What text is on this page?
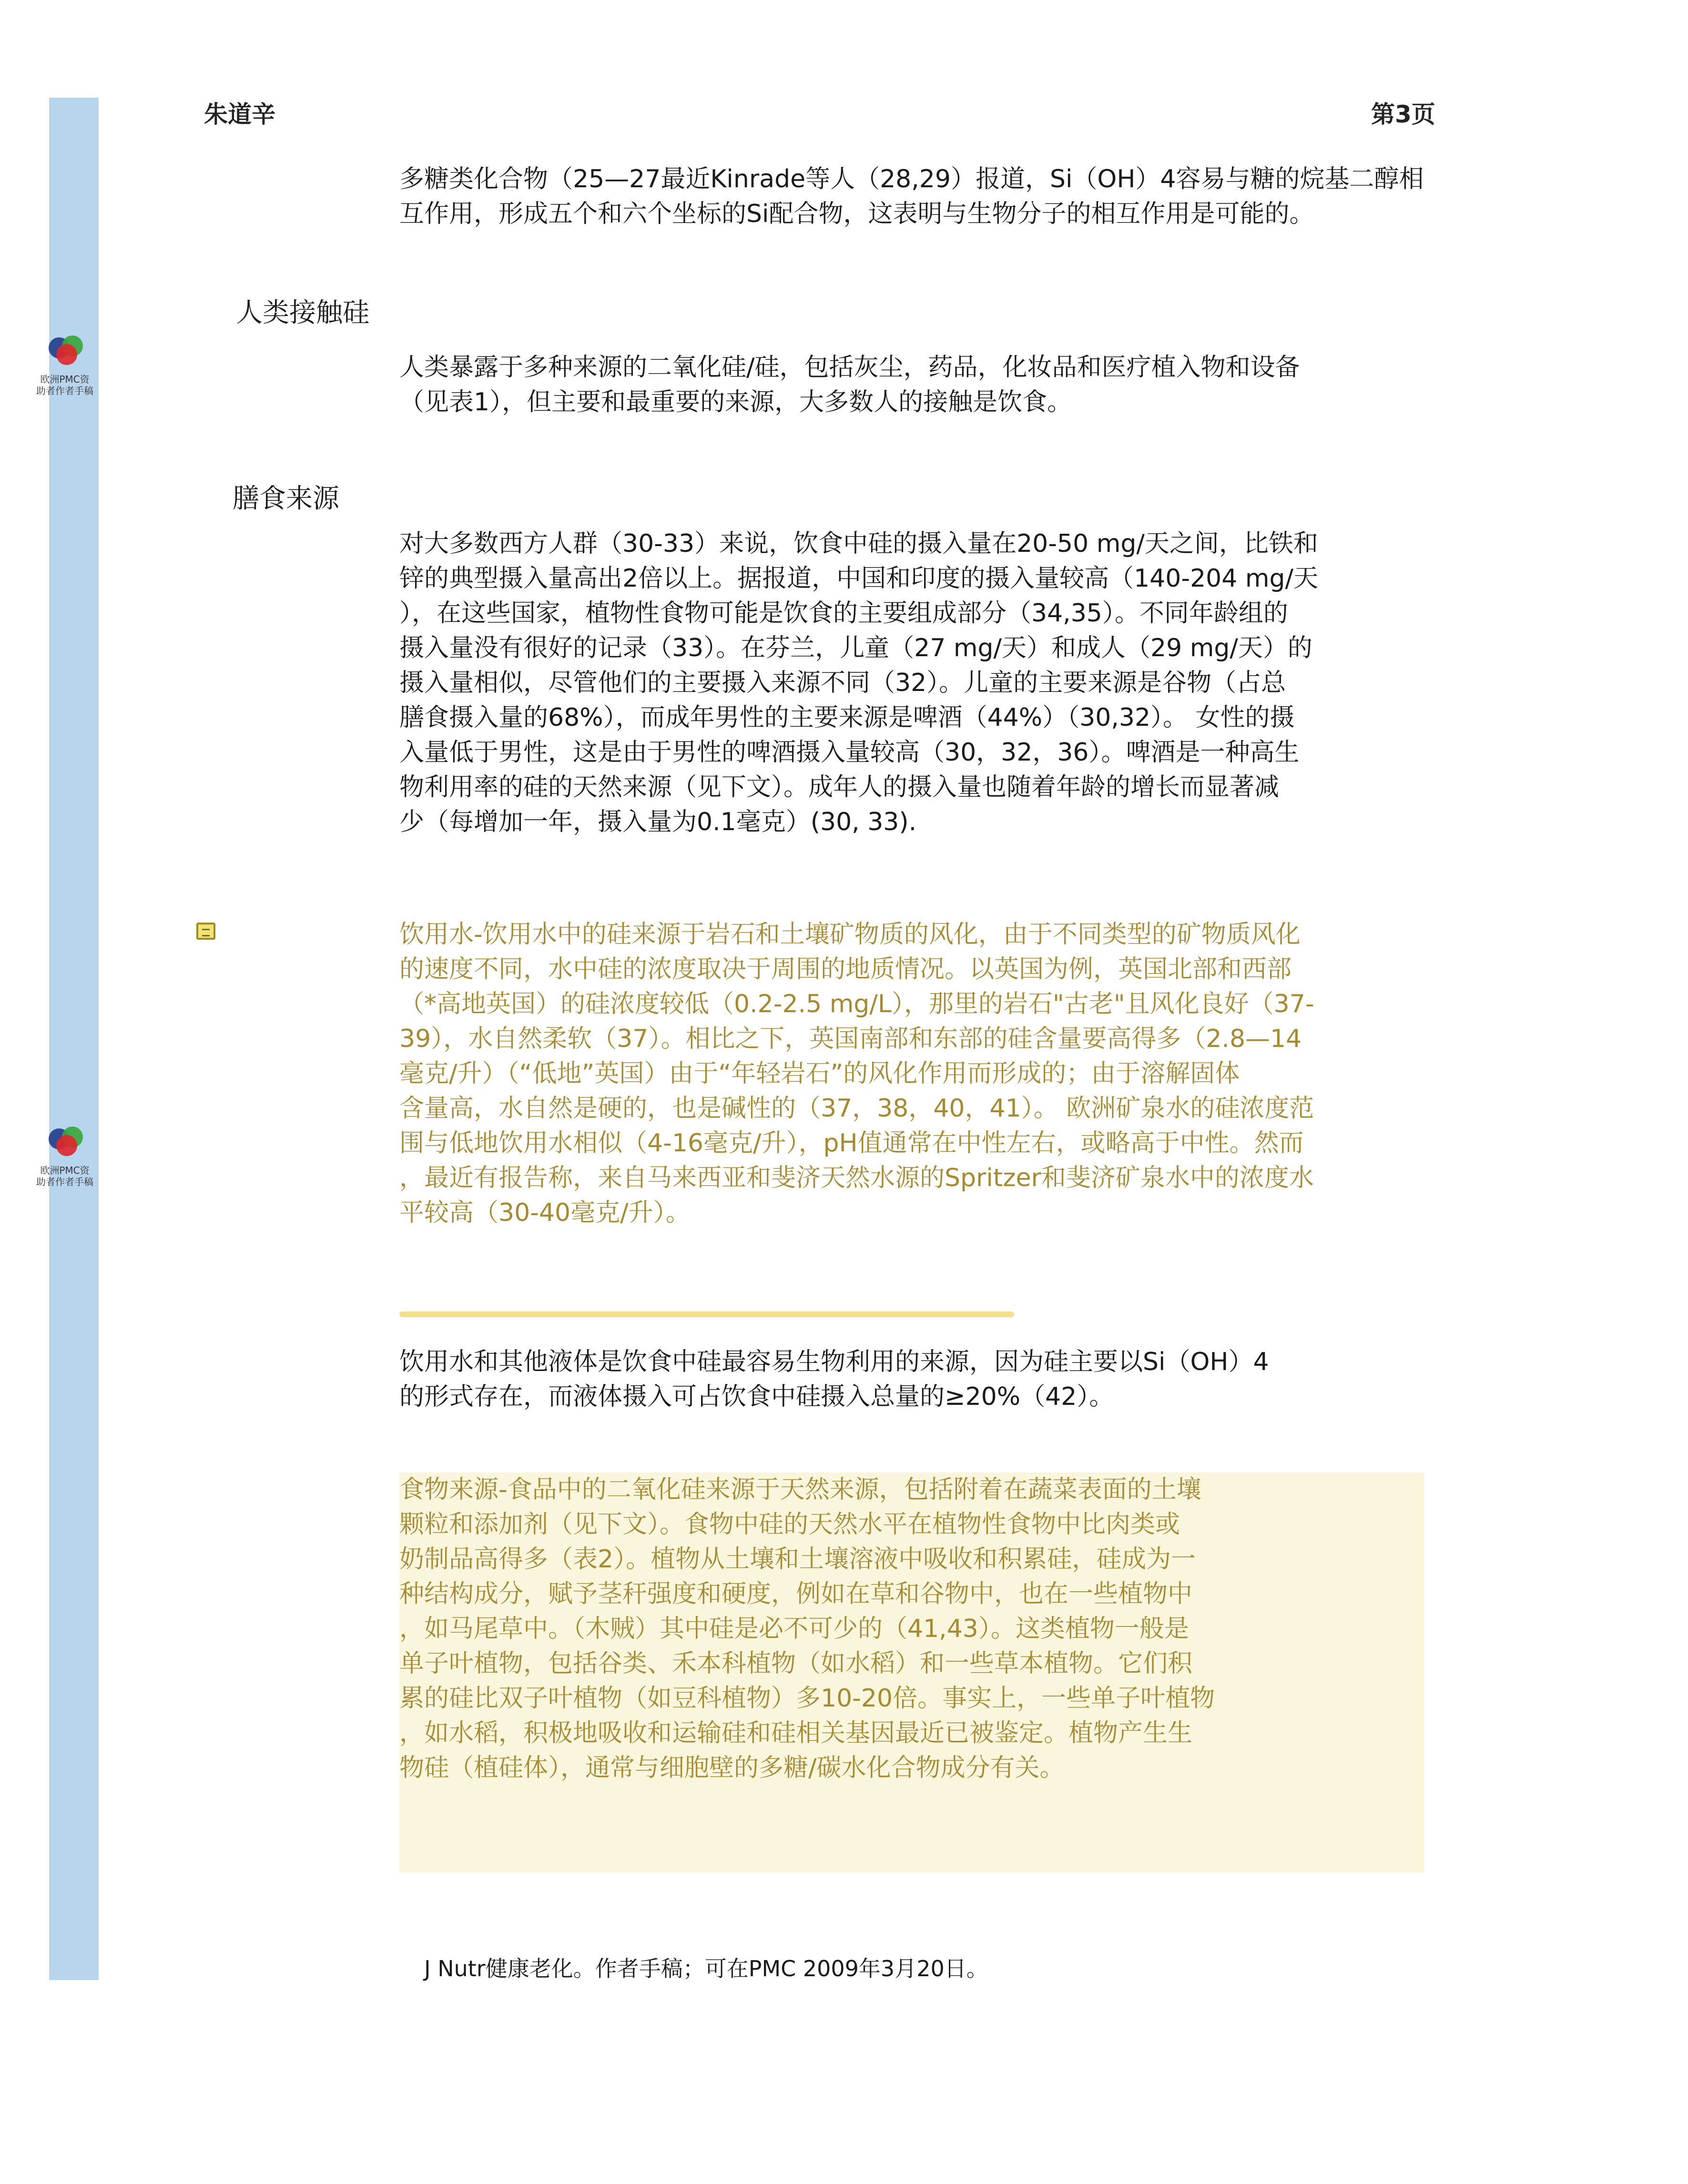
欧洲PMC资助者作者手稿
欧洲PMC资助者作者手稿
朱道辛	第3页
多糖类化合物（25—27最近Kinrade等人（28,29）报道，Si（OH）4容易与糖的烷基二醇相
互作用，形成五个和六个坐标的Si配合物，这表明与生物分子的相互作用是可能的。
人类接触硅
人类暴露于多种来源的二氧化硅/硅，包括灰尘，药品，化妆品和医疗植入物和设备
（见表1），但主要和最重要的来源，大多数人的接触是饮食。
膳食来源
对大多数西方人群（30-33）来说，饮食中硅的摄入量在20-50 mg/天之间，比铁和
锌的典型摄入量高出2倍以上。据报道，中国和印度的摄入量较高（140-204 mg/天
），在这些国家，植物性食物可能是饮食的主要组成部分（34,35）。不同年龄组的
摄入量没有很好的记录（33）。在芬兰，儿童（27 mg/天）和成人（29 mg/天）的
摄入量相似，尽管他们的主要摄入来源不同（32）。儿童的主要来源是谷物（占总
膳食摄入量的68%），而成年男性的主要来源是啤酒（44%）（30,32）。 女性的摄
入量低于男性，这是由于男性的啤酒摄入量较高（30，32，36）。啤酒是一种高生
物利用率的硅的天然来源（见下文）。成年人的摄入量也随着年龄的增长而显著减
少（每增加一年，摄入量为0.1毫克）(30, 33).
饮用水-饮用水中的硅来源于岩石和土壤矿物质的风化，由于不同类型的矿物质风化
的速度不同，水中硅的浓度取决于周围的地质情况。以英国为例，英国北部和西部
（*高地英国）的硅浓度较低（0.2-2.5 mg/L），那里的岩石"古老"且风化良好（37-
39），水自然柔软（37）。相比之下，英国南部和东部的硅含量要高得多（2.8—14
毫克/升）（“低地”英国）由于“年轻岩石”的风化作用而形成的；由于溶解固体
含量高，水自然是硬的，也是碱性的（37，38，40，41）。 欧洲矿泉水的硅浓度范
围与低地饮用水相似（4-16毫克/升），pH值通常在中性左右，或略高于中性。然而
，最近有报告称，来自马来西亚和斐济天然水源的Spritzer和斐济矿泉水中的浓度水
平较高（30-40毫克/升）。
饮用水和其他液体是饮食中硅最容易生物利用的来源，因为硅主要以Si（OH）4
的形式存在，而液体摄入可占饮食中硅摄入总量的≥20%（42）。
食物来源-食品中的二氧化硅来源于天然来源，包括附着在蔬菜表面的土壤
颗粒和添加剂（见下文）。食物中硅的天然水平在植物性食物中比肉类或
奶制品高得多（表2）。植物从土壤和土壤溶液中吸收和积累硅，硅成为一
种结构成分，赋予茎秆强度和硬度，例如在草和谷物中，也在一些植物中
，如马尾草中。（木贼）其中硅是必不可少的（41,43）。这类植物一般是
单子叶植物，包括谷类、禾本科植物（如水稻）和一些草本植物。它们积
累的硅比双子叶植物（如豆科植物）多10-20倍。事实上，一些单子叶植物
，如水稻，积极地吸收和运输硅和硅相关基因最近已被鉴定。植物产生生
物硅（植硅体），通常与细胞壁的多糖/碳水化合物成分有关。
J Nutr健康老化。作者手稿；可在PMC 2009年3月20日。
